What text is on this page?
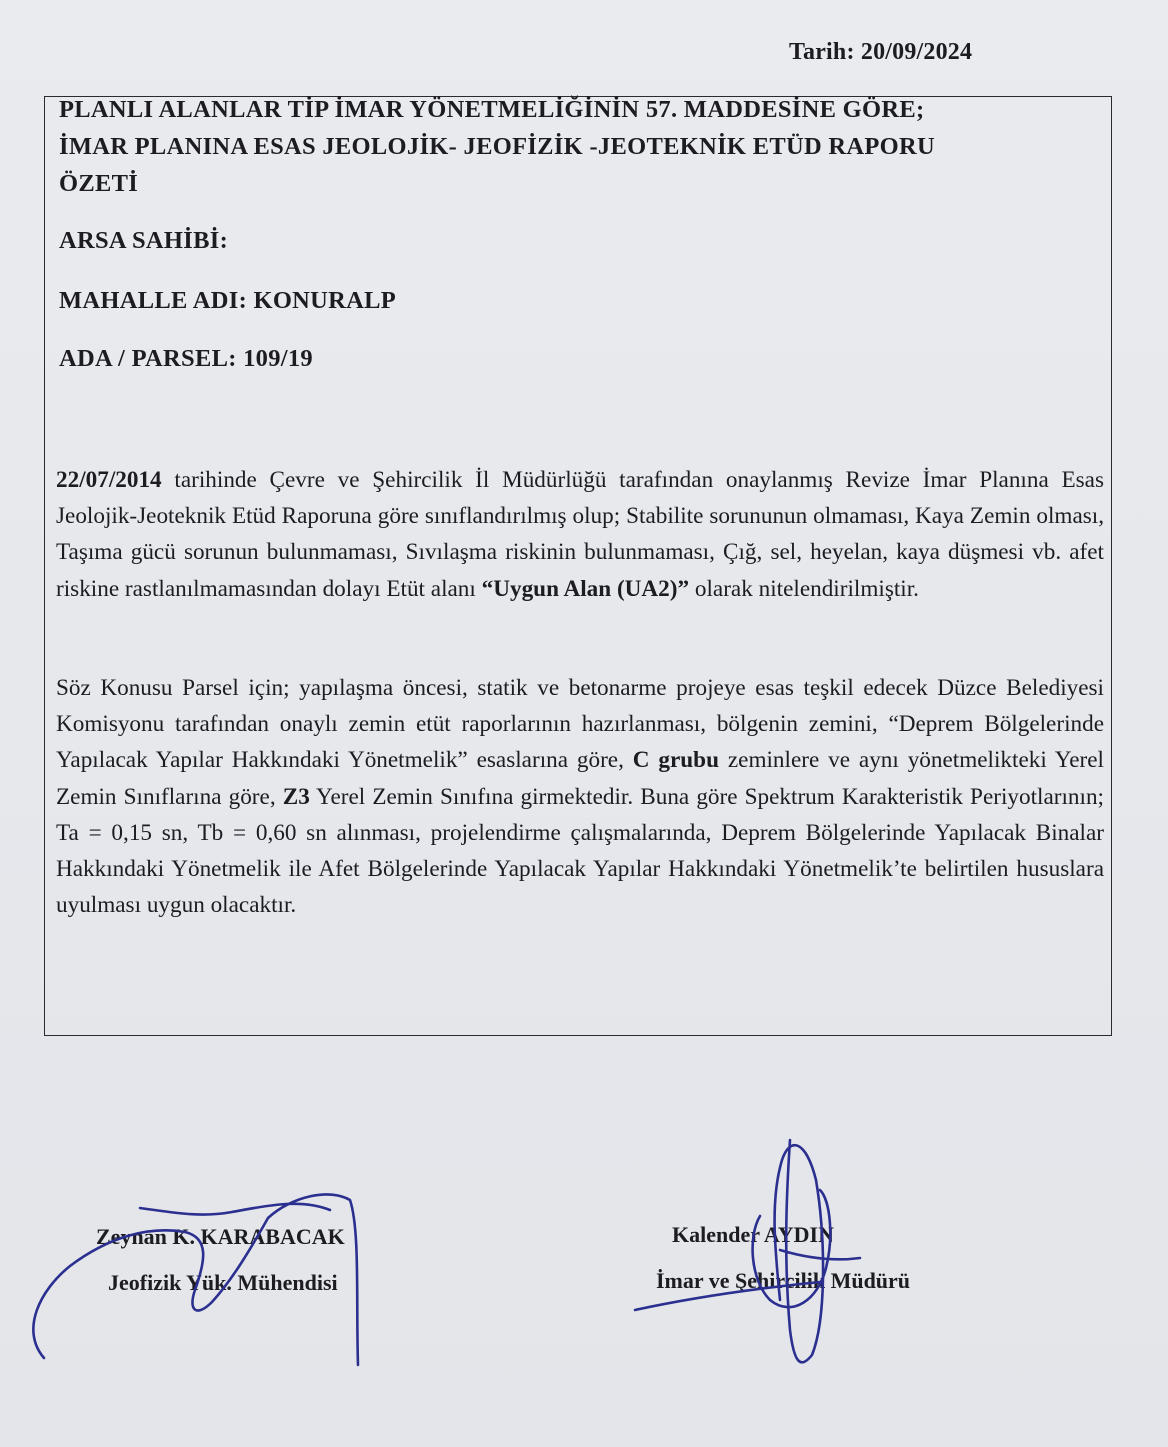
Tarih: 20/09/2024
PLANLI ALANLAR TİP İMAR YÖNETMELİĞİNİN 57. MADDESİNE GÖRE;
İMAR PLANINA ESAS JEOLOJİK- JEOFİZİK -JEOTEKNİK ETÜD RAPORU
ÖZETİ
ARSA SAHİBİ:
MAHALLE ADI: KONURALP
ADA / PARSEL: 109/19

22/07/2014 tarihinde Çevre ve Şehircilik İl Müdürlüğü tarafından onaylanmış Revize İmar Planına Esas Jeolojik-Jeoteknik Etüd Raporuna göre sınıflandırılmış olup; Stabilite sorununun olmaması, Kaya Zemin olması, Taşıma gücü sorunun bulunmaması, Sıvılaşma riskinin bulunmaması, Çığ, sel, heyelan, kaya düşmesi vb. afet riskine rastlanılmamasından dolayı Etüt alanı “Uygun Alan (UA2)” olarak nitelendirilmiştir.

Söz Konusu Parsel için; yapılaşma öncesi, statik ve betonarme projeye esas teşkil edecek Düzce Belediyesi Komisyonu tarafından onaylı zemin etüt raporlarının hazırlanması, bölgenin zemini, “Deprem Bölgelerinde Yapılacak Yapılar Hakkındaki Yönetmelik” esaslarına göre, C grubu zeminlere ve aynı yönetmelikteki Yerel Zemin Sınıflarına göre, Z3 Yerel Zemin Sınıfına girmektedir. Buna göre Spektrum Karakteristik Periyotlarının; Ta = 0,15 sn, Tb = 0,60 sn alınması, projelendirme çalışmalarında, Deprem Bölgelerinde Yapılacak Binalar Hakkındaki Yönetmelik ile Afet Bölgelerinde Yapılacak Yapılar Hakkındaki Yönetmelik’te belirtilen hususlara uyulması uygun olacaktır.

Zeynan K. KARABACAK
Jeofizik Yük. Mühendisi
Kalender AYDIN
İmar ve Şehircilik Müdürü
